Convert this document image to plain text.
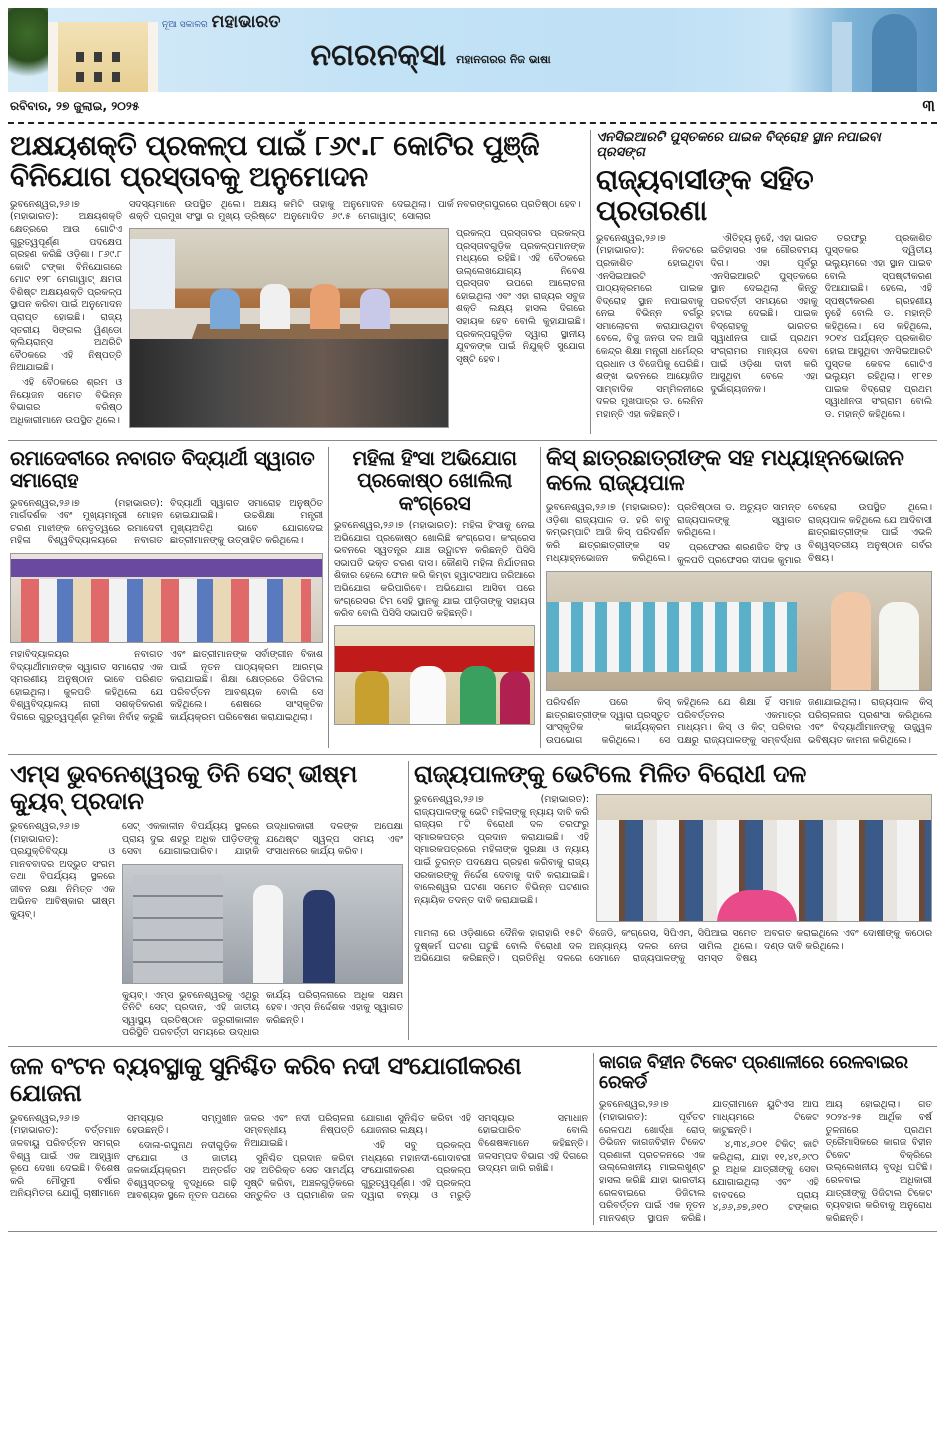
ନୂଆ ସକାଳର ମହାଭାରତ
ନଗରନକ୍ସା ମହାନଗରର ନିଜ ଭାଷା
ରବିବାର, ୨୭ ଜୁଲାଇ, ୨୦୨୫	୩
ଅକ୍ଷୟଶକ୍ତି ପ୍ରକଳ୍ପ ପାଇଁ ୮୬୯.୮ କୋଟିର ପୁଞ୍ଜି ବିନିଯୋଗ ପ୍ରସ୍ତାବକୁ ଅନୁମୋଦନ

ଭୁବନେଶ୍ୱର,୨୬।୭ (ମହାଭାରତ): ଅକ୍ଷୟଶକ୍ତି କ୍ଷେତ୍ରରେ ଆଉ ଗୋଟିଏ ଗୁରୁତ୍ୱପୂର୍ଣ୍ଣ ପଦକ୍ଷେପ ଗ୍ରହଣ କରିଛି ଓଡ଼ିଶା। ୮୬୯.୮ କୋଟି ଟଙ୍କା ବିନିଯୋଗରେ ମୋଟ ୧୨୮ ମେଗାୱାଟ୍ କ୍ଷମତା ବିଶିଷ୍ଟ ଅକ୍ଷୟଶକ୍ତି ପ୍ରକଳ୍ପ ସ୍ଥାପନ କରିବା ପାଇଁ ଅନୁମୋଦନ ପ୍ରାପ୍ତ ହୋଇଛି। ରାଜ୍ୟ ସ୍ତରୀୟ ସିଙ୍ଗଲ ୱିଣ୍ଡୋ କ୍ଲିୟରାନ୍ସ ଅଥରିଟି ବୈଠକରେ ଏହି ନିଷ୍ପତ୍ତି ନିଆଯାଇଛି।

ଏହି ବୈଠକରେ ଶ୍ରମ ଓ ନିୟୋଜନ ସମେତ ବିଭିନ୍ନ ବିଭାଗର ବରିଷ୍ଠ ଅଧିକାରୀମାନେ ଉପସ୍ଥିତ ଥିଲେ।

ସଦସ୍ୟମାନେ ଉପସ୍ଥିତ ଥିଲେ। ଅକ୍ଷୟ ଶକ୍ତି ପ୍ରମୁଖ ସଂସ୍ଥା ର ମୁଖ୍ୟ ଡ୍ରିଷ୍ଟେ କମିଟି ତାହାକୁ ଅନୁମୋଦନ ଦେଇଥିଲା। ଅନୁମୋଦିତ ୬୯.୫ ମେଗାୱାଟ୍ ସୋଲାର ପାର୍କ ନବରଙ୍ଗପୁରରେ ପ୍ରତିଷ୍ଠା ହେବ।

ପ୍ରକଳ୍ପ ପ୍ରସ୍ତାବର ପ୍ରକଳ୍ପ ପ୍ରସ୍ତାବଗୁଡ଼ିକ ପ୍ରକଳ୍ପମାନଙ୍କ ମଧ୍ୟରେ ରହିଛି। ଏହି ବୈଠକରେ ଉଲ୍ଲେଖଯୋଗ୍ୟ ନିବେଶ ପ୍ରସ୍ତାବ ଉପରେ ଆଲୋଚନା ହୋଇଥିଲା ଏବଂ ଏହା ରାଜ୍ୟର ସବୁଜ ଶକ୍ତି ଲକ୍ଷ୍ୟ ହାସଲ ଦିଗରେ ସହାୟକ ହେବ ବୋଲି କୁହାଯାଇଛି। ପ୍ରକଳ୍ପଗୁଡ଼ିକ ଦ୍ୱାରା ସ୍ଥାନୀୟ ଯୁବକଙ୍କ ପାଇଁ ନିଯୁକ୍ତି ସୁଯୋଗ ସୃଷ୍ଟି ହେବ।

ଏନସିଇଆରଟି ପୁସ୍ତକରେ ପାଇକ ବିଦ୍ରୋହ ସ୍ଥାନ ନପାଇବା ପ୍ରସଙ୍ଗ
ରାଜ୍ୟବାସୀଙ୍କ ସହିତ ପ୍ରତାରଣା

ଭୁବନେଶ୍ୱର,୨୬।୭ (ମହାଭାରତ): ନିକଟରେ ପ୍ରକାଶିତ ହୋଇଥିବା ଏନସିଇଆରଟି ପାଠ୍ୟକ୍ରମରେ ପାଇକ ବିଦ୍ରୋହ ସ୍ଥାନ ନପାଇବାକୁ ନେଇ ବିଭିନ୍ନ ବର୍ଗରୁ ସମାଲୋଚନା କରାଯାଉଥିବା ବେଳେ, ବିଜୁ ଜନତା ଦଳ ଆଜି କେନ୍ଦ୍ର ଶିକ୍ଷା ମନ୍ତ୍ରୀ ଧର୍ମେନ୍ଦ୍ର ପ୍ରଧାନ ଓ ବିଜେପିକୁ ଘେରିଛି। ଶଙ୍ଖ ଭବନରେ ଆୟୋଜିତ ସାମ୍ବାଦିକ ସମ୍ମିଳନୀରେ ଦଳର ମୁଖପାତ୍ର ଡ. ଲେନିନ ମହାନ୍ତି ଏହା କହିଛନ୍ତି।

ଐତିହ୍ୟ ନୁହେଁ, ଏହା ଭାରତ ଇତିହାସର ଏକ ଗୌରବମୟ ଦିଗ। ଏହା ପୂର୍ବରୁ ଏନସିଇଆରଟି ପୁସ୍ତକରେ ସ୍ଥାନ ଦେଇଥିଲା କିନ୍ତୁ ପରବର୍ତ୍ତୀ ସମୟରେ ଏହାକୁ ହଟାଇ ଦେଇଛି। ପାଇକ ବିଦ୍ରୋହକୁ ଭାରତର ସ୍ୱାଧୀନତା ପାଇଁ ପ୍ରଥମ ସଂଗ୍ରାମର ମାନ୍ୟତା ଦେବା ପାଇଁ ଓଡ଼ିଶା ଦାବୀ କରି ଆସୁଥିବା ବେଳେ ଏହା ଦୁର୍ଭାଗ୍ୟଜନକ।

ତରଫରୁ ପ୍ରକାଶିତ ପୁସ୍ତକର ଦ୍ୱିତୀୟ ଭଲ୍ୟୁମରେ ଏହା ସ୍ଥାନ ପାଇବ ବୋଲି ସ୍ପଷ୍ଟୀକରଣ ଦିଆଯାଇଛି। ହେଲେ, ଏହି ସ୍ପଷ୍ଟୀକରଣ ଗ୍ରହଣୀୟ ନୁହେଁ ବୋଲି ଡ. ମହାନ୍ତି କହିଥିଲେ। ସେ କହିଥିଲେ, ୨୦୧୪ ପର୍ଯ୍ୟନ୍ତ ପ୍ରକାଶିତ ହୋଇ ଆସୁଥିବା ଏନସିଇଆରଟି ପୁସ୍ତକ କେବଳ ଗୋଟିଏ ଭଲ୍ୟୁମ ରହିଥିଲା। ୧୮୧୭ ପାଇକ ବିଦ୍ରୋହ ପ୍ରଥମ ସ୍ୱାଧୀନତା ସଂଗ୍ରାମ ବୋଲି ଡ. ମହାନ୍ତି କହିଥିଲେ।

ରମାଦେବୀରେ ନବାଗତ ବିଦ୍ୟାର୍ଥୀ ସ୍ୱାଗତ ସମାରୋହ

ଭୁବନେଶ୍ୱର,୨୬।୭ (ମହାଭାରତ): ମାର୍ଗଦର୍ଶକ ଏବଂ ମୁଖ୍ୟମନ୍ତ୍ରୀ ମୋହନ ଚରଣ ମାଝୀଙ୍କ ନେତୃତ୍ୱରେ ରମାଦେବୀ ମହିଳା ବିଶ୍ୱବିଦ୍ୟାଳୟରେ ନବାଗତ ବିଦ୍ୟାର୍ଥୀ ସ୍ୱାଗତ ସମାରୋହ ଅନୁଷ୍ଠିତ ହୋଇଯାଇଛି। ଉଚ୍ଚଶିକ୍ଷା ମନ୍ତ୍ରୀ ମୁଖ୍ୟଅତିଥି ଭାବେ ଯୋଗଦେଇ ଛାତ୍ରୀମାନଙ୍କୁ ଉତ୍ସାହିତ କରିଥିଲେ।

ମହାବିଦ୍ୟାଳୟର ନବାଗତ ବିଦ୍ୟାର୍ଥୀମାନଙ୍କ ସ୍ୱାଗତ ସମାରୋହ ଏକ ସ୍ମରଣୀୟ ଅନୁଷ୍ଠାନ ଭାବେ ପରିଣତ ହୋଇଥିଲା। କୁଳପତି କହିଥିଲେ ଯେ ବିଶ୍ୱବିଦ୍ୟାଳୟ ନାରୀ ସଶକ୍ତିକରଣ ଦିଗରେ ଗୁରୁତ୍ୱପୂର୍ଣ୍ଣ ଭୂମିକା ନିର୍ବାହ କରୁଛି ଏବଂ ଛାତ୍ରୀମାନଙ୍କ ସର୍ବାଙ୍ଗୀନ ବିକାଶ ପାଇଁ ନୂତନ ପାଠ୍ୟକ୍ରମ ଆରମ୍ଭ କରାଯାଇଛି। ଶିକ୍ଷା କ୍ଷେତ୍ରରେ ଡିଜିଟାଲ ପରିବର୍ତ୍ତନ ଆବଶ୍ୟକ ବୋଲି ସେ କହିଥିଲେ। ଶେଷରେ ସାଂସ୍କୃତିକ କାର୍ଯ୍ୟକ୍ରମ ପରିବେଷଣ କରାଯାଇଥିଲା।

ମହିଳା ହିଂସା ଅଭିଯୋଗ
ପ୍ରକୋଷ୍ଠ ଖୋଲିଲା କଂଗ୍ରେସ

ଭୁବନେଶ୍ୱର,୨୬।୭ (ମହାଭାରତ): ମହିଳା ହିଂସାକୁ ନେଇ ଅଭିଯୋଗ ପ୍ରକୋଷ୍ଠ ଖୋଲିଛି କଂଗ୍ରେସ। କଂଗ୍ରେସ ଭବନରେ ସ୍ୱତନ୍ତ୍ର ଯାଞ୍ଚ ଉଦ୍ଘାଟନ କରିଛନ୍ତି ପିସିସି ସଭାପତି ଭକ୍ତ ଚରଣ ଦାସ। କୌଣସି ମହିଳା ନିର୍ଯାତନାର ଶିକାର ହେଲେ ଫୋନ କରି କିମ୍ବା ହ୍ୱାଟସଆପ ଜରିଆରେ ଅଭିଯୋଗ କରିପାରିବେ। ଅଭିଯୋଗ ଆସିବା ପରେ କଂଗ୍ରେସର ଟିମ ସେହି ସ୍ଥାନକୁ ଯାଇ ପୀଡ଼ିତାଙ୍କୁ ସହାୟତା କରିବ ବୋଲି ପିସିସି ସଭାପତି କହିଛନ୍ତି।

କିସ୍ ଛାତ୍ରଛାତ୍ରୀଙ୍କ ସହ ମଧ୍ୟାହ୍ନଭୋଜନ କଲେ ରାଜ୍ୟପାଳ

ଭୁବନେଶ୍ୱର,୨୬।୭ (ମହାଭାରତ): ଓଡ଼ିଶା ରାଜ୍ୟପାଳ ଡ. ହରି ବାବୁ କମ୍ଭମ୍ପାଟି ଆଜି କିସ୍ ପରିଦର୍ଶନ କରି ଛାତ୍ରଛାତ୍ରୀଙ୍କ ସହ ମଧ୍ୟାହ୍ନଭୋଜନ କରିଥିଲେ। ପ୍ରତିଷ୍ଠାତା ଡ. ଅଚ୍ୟୁତ ସାମନ୍ତ ରାଜ୍ୟପାଳଙ୍କୁ ସ୍ୱାଗତ କରିଥିଲେ।

ପ୍ରଫେସର ଶରଣଜିତ ସିଂହ ଓ କୁଳପତି ପ୍ରଫେସର ଦୀପକ କୁମାର ବେହେରା ଉପସ୍ଥିତ ଥିଲେ। ରାଜ୍ୟପାଳ କହିଥିଲେ ଯେ ଆଦିବାସୀ ଛାତ୍ରଛାତ୍ରୀଙ୍କ ପାଇଁ ଏଭଳି ବିଶ୍ୱସ୍ତରୀୟ ଅନୁଷ୍ଠାନ ଗର୍ବର ବିଷୟ।

ପରିଦର୍ଶନ ପରେ କିସ୍ ଛାତ୍ରଛାତ୍ରୀଙ୍କ ଦ୍ୱାରା ପ୍ରସ୍ତୁତ ସାଂସ୍କୃତିକ କାର୍ଯ୍ୟକ୍ରମ ଉପଭୋଗ କରିଥିଲେ। ସେ କହିଥିଲେ ଯେ ଶିକ୍ଷା ହିଁ ସମାଜ ପରିବର୍ତ୍ତନର ଏକମାତ୍ର ମାଧ୍ୟମ। କିସ୍ ଓ କିଟ୍ ପରିବାର ପକ୍ଷରୁ ରାଜ୍ୟପାଳଙ୍କୁ ସମ୍ବର୍ଦ୍ଧନା ଜଣାଯାଇଥିଲା। ରାଜ୍ୟପାଳ କିସ୍ ପରିଚାଳନାର ପ୍ରଶଂସା କରିଥିଲେ ଏବଂ ବିଦ୍ୟାର୍ଥୀମାନଙ୍କୁ ଉଜ୍ଜ୍ୱଳ ଭବିଷ୍ୟତ କାମନା କରିଥିଲେ।

ଏମ୍ସ ଭୁବନେଶ୍ୱରକୁ ତିନି ସେଟ୍ ଭୀଷ୍ମ କ୍ୟୁବ୍ ପ୍ରଦାନ

ଭୁବନେଶ୍ୱର,୨୬।୭ (ମହାଭାରତ): ପ୍ରଯୁକ୍ତିବିଦ୍ୟା ଓ ମାନବବାଦର ଅଦ୍ଭୁତ ସଂଗମ ତଥା ବିପର୍ଯ୍ୟୟ ସ୍ଥଳରେ ଜୀବନ ରକ୍ଷା ନିମିତ୍ତ ଏକ ଅଭିନବ ଆବିଷ୍କାର ଭୀଷ୍ମ କ୍ୟୁବ୍।

ସେଟ୍ ଏକକାଳୀନ ବିପର୍ଯ୍ୟୟ ସ୍ଥଳରେ ପ୍ରାୟ ଦୁଇ ଶହରୁ ଅଧିକ ପୀଡ଼ିତଙ୍କୁ ସେବା ଯୋଗାଇପାରିବ। ଯାହାକି ଉଦ୍ଧାରକାରୀ ଦଳଙ୍କ ଅପେକ୍ଷା ଯଥେଷ୍ଟ ସ୍ୱଳ୍ପ ସମୟ ଏବଂ ସଂସାଧନରେ କାର୍ଯ୍ୟ କରିବ।

କ୍ୟୁବ୍। ଏମ୍ସ ଭୁବନେଶ୍ୱରକୁ ଏଥିରୁ ତିନିଟି ସେଟ୍ ପ୍ରଦାନ, ଏହି ଜାତୀୟ ସ୍ୱାସ୍ଥ୍ୟ ପ୍ରତିଷ୍ଠାନ ଜରୁରୀକାଳୀନ ପରିସ୍ଥିତି ପରବର୍ତ୍ତୀ ସମୟରେ ଉଦ୍ଧାର କାର୍ଯ୍ୟ ପରିଚାଳନାରେ ଅଧିକ ସକ୍ଷମ ହେବ। ଏମ୍ସ ନିର୍ଦ୍ଦେଶକ ଏହାକୁ ସ୍ୱାଗତ କରିଛନ୍ତି।

ରାଜ୍ୟପାଳଙ୍କୁ ଭେଟିଲେ ମିଳିତ ବିରୋଧୀ ଦଳ

ଭୁବନେଶ୍ୱର,୨୬।୭ (ମହାଭାରତ): ରାଜ୍ୟପାଳଙ୍କୁ ଭେଟି ମହିଳାଙ୍କୁ ନ୍ୟାୟ ଦାବି କରି ରାଜ୍ୟର ୮ଟି ବିରୋଧୀ ଦଳ ତରଫରୁ ସ୍ମାରକପତ୍ର ପ୍ରଦାନ କରାଯାଇଛି। ଏହି ସ୍ମାରକପତ୍ରରେ ମହିଳାଙ୍କ ସୁରକ୍ଷା ଓ ନ୍ୟାୟ ପାଇଁ ତୁରନ୍ତ ପଦକ୍ଷେପ ଗ୍ରହଣ କରିବାକୁ ରାଜ୍ୟ ସରକାରଙ୍କୁ ନିର୍ଦ୍ଦେଶ ଦେବାକୁ ଦାବି କରାଯାଇଛି। ବାଲେଶ୍ୱର ଘଟଣା ସମେତ ବିଭିନ୍ନ ଘଟଣାର ନ୍ୟାୟିକ ତଦନ୍ତ ଦାବି କରାଯାଇଛି।

ମାମଲା ରେ ଓଡ଼ିଶାରେ ଦୈନିକ ହାରାହାରି ୧୫ଟି ଦୁଷ୍କର୍ମ ଘଟଣା ଘଟୁଛି ବୋଲି ବିରୋଧୀ ଦଳ ଅଭିଯୋଗ କରିଛନ୍ତି। ପ୍ରତିନିଧି ଦଳରେ ବିଜେଡି, କଂଗ୍ରେସ, ସିପିଏମ, ସିପିଆଇ ସମେତ ଅନ୍ୟାନ୍ୟ ଦଳର ନେତା ସାମିଲ ଥିଲେ। ସେମାନେ ରାଜ୍ୟପାଳଙ୍କୁ ସମସ୍ତ ବିଷୟ ଅବଗତ କରାଇଥିଲେ ଏବଂ ଦୋଷୀଙ୍କୁ କଠୋର ଦଣ୍ଡ ଦାବି କରିଥିଲେ।

ଜଳ ବଂଟନ ବ୍ୟବସ୍ଥାକୁ ସୁନିଶ୍ଚିତ କରିବ ନଦୀ ସଂଯୋଗୀକରଣ ଯୋଜନା

ଭୁବନେଶ୍ୱର,୨୬।୭ (ମହାଭାରତ): ବର୍ତ୍ତମାନ ଜଳବାୟୁ ପରିବର୍ତ୍ତନ ସମଗ୍ର ବିଶ୍ୱ ପାଇଁ ଏକ ଆହ୍ୱାନ ରୂପେ ଦେଖା ଦେଇଛି। ବିଶେଷ କରି ମୌସୁମୀ ବର୍ଷାର ଅନିୟମିତତା ଯୋଗୁଁ ଚାଷୀମାନେ ସମସ୍ୟାର ସମ୍ମୁଖୀନ ହେଉଛନ୍ତି।

ଦୋଳା-ରଘୁନାଥ ନଦୀଗୁଡ଼ିକ ସଂଯୋଗ ଓ ଜାତୀୟ ଜଳକାର୍ଯ୍ୟକ୍ରମ ଅନ୍ତର୍ଗତ ବିଶ୍ୱସ୍ତରକୁ ବୃଦ୍ଧିରେ ଗଢ଼ି ଆବଶ୍ୟକ ସ୍ଥଳେ ନୂତନ ପଥରେ ଜଳର ଏବଂ ନଦୀ ପରିଚାଳନା ସମ୍ବନ୍ଧୀୟ ନିଷ୍ପତ୍ତି ନିଆଯାଇଛି।

ସୁନିଶ୍ଚିତ ପ୍ରଦାନ କରିବା ସହ ଅତିରିକ୍ତ ସେଚ ସାମର୍ଥ୍ୟ ସୃଷ୍ଟି କରିବା, ଅଞ୍ଚଳଗୁଡ଼ିକରେ ସନ୍ତୁଳିତ ଓ ପ୍ରାମାଣିକ ଜଳ ଯୋଗାଣ ସୁନିଶ୍ଚିତ କରିବା ଏହି ଯୋଜନାର ଲକ୍ଷ୍ୟ।

ଏହି ସବୁ ପ୍ରକଳ୍ପ ମଧ୍ୟରେ ମହାନଦୀ-ଗୋଦାବରୀ ସଂଯୋଗୀକରଣ ପ୍ରକଳ୍ପ ଗୁରୁତ୍ୱପୂର୍ଣ୍ଣ। ଏହି ପ୍ରକଳ୍ପ ଦ୍ୱାରା ବନ୍ୟା ଓ ମରୁଡ଼ି ସମସ୍ୟାର ସମାଧାନ ହୋଇପାରିବ ବୋଲି ବିଶେଷଜ୍ଞମାନେ କହିଛନ୍ତି। ଜଳସମ୍ପଦ ବିଭାଗ ଏହି ଦିଗରେ ଉଦ୍ୟମ ଜାରି ରଖିଛି।

କାଗଜ ବିହୀନ ଟିକେଟ ପ୍ରଣାଳୀରେ ରେଳବାଇର ରେକର୍ଡ

ଭୁବନେଶ୍ୱର,୨୬।୭ (ମହାଭାରତ): ପୂର୍ବତଟ ରେଳପଥ ଖୋର୍ଦ୍ଧା ରୋଡ୍ ଡିଭିଜନ କାଗଜବିହୀନ ଟିକେଟ ପ୍ରଣାଳୀ ପ୍ରଚଳନରେ ଏକ ଉଲ୍ଲେଖନୀୟ ମାଇଲଖୁଣ୍ଟ ହାସଲ କରିଛି ଯାହା ଭାରତୀୟ ରେଳବାଇରେ ଡିଜିଟାଲ ପରିବର୍ତ୍ତନ ପାଇଁ ଏକ ନୂତନ ମାନଦଣ୍ଡ ସ୍ଥାପନ କରିଛି। ଯାତ୍ରୀମାନେ ୟୁଟିଏସ ଆପ ମାଧ୍ୟମରେ ଟିକେଟ କାଟୁଛନ୍ତି।

୪,୩୪,୬୦୧ ଟିକିଟ୍ କାଟି କରିଥିଲା, ଯାହା ୧୧,୪୧,୬୯୦ ରୁ ଅଧିକ ଯାତ୍ରୀଙ୍କୁ ସେବା ଯୋଗାଇଥିଲା ଏବଂ ଏହି ବାବଦରେ ପ୍ରାୟ ୪,୬୬,୬୭,୬୧୦ ଟଙ୍କାର ଆୟ ହୋଇଥିଲା। ଗତ ୨୦୨୪-୨୫ ଆର୍ଥିକ ବର୍ଷ ତୁଳନାରେ ପ୍ରଥମ ତ୍ରୈମାସିକରେ କାଗଜ ବିହୀନ ଟିକେଟ ବିକ୍ରିରେ ଉଲ୍ଲେଖନୀୟ ବୃଦ୍ଧି ଘଟିଛି। ରେଳବାଇ ଅଧିକାରୀ ଯାତ୍ରୀଙ୍କୁ ଡିଜିଟାଲ ଟିକେଟ ବ୍ୟବହାର କରିବାକୁ ଅନୁରୋଧ କରିଛନ୍ତି।
